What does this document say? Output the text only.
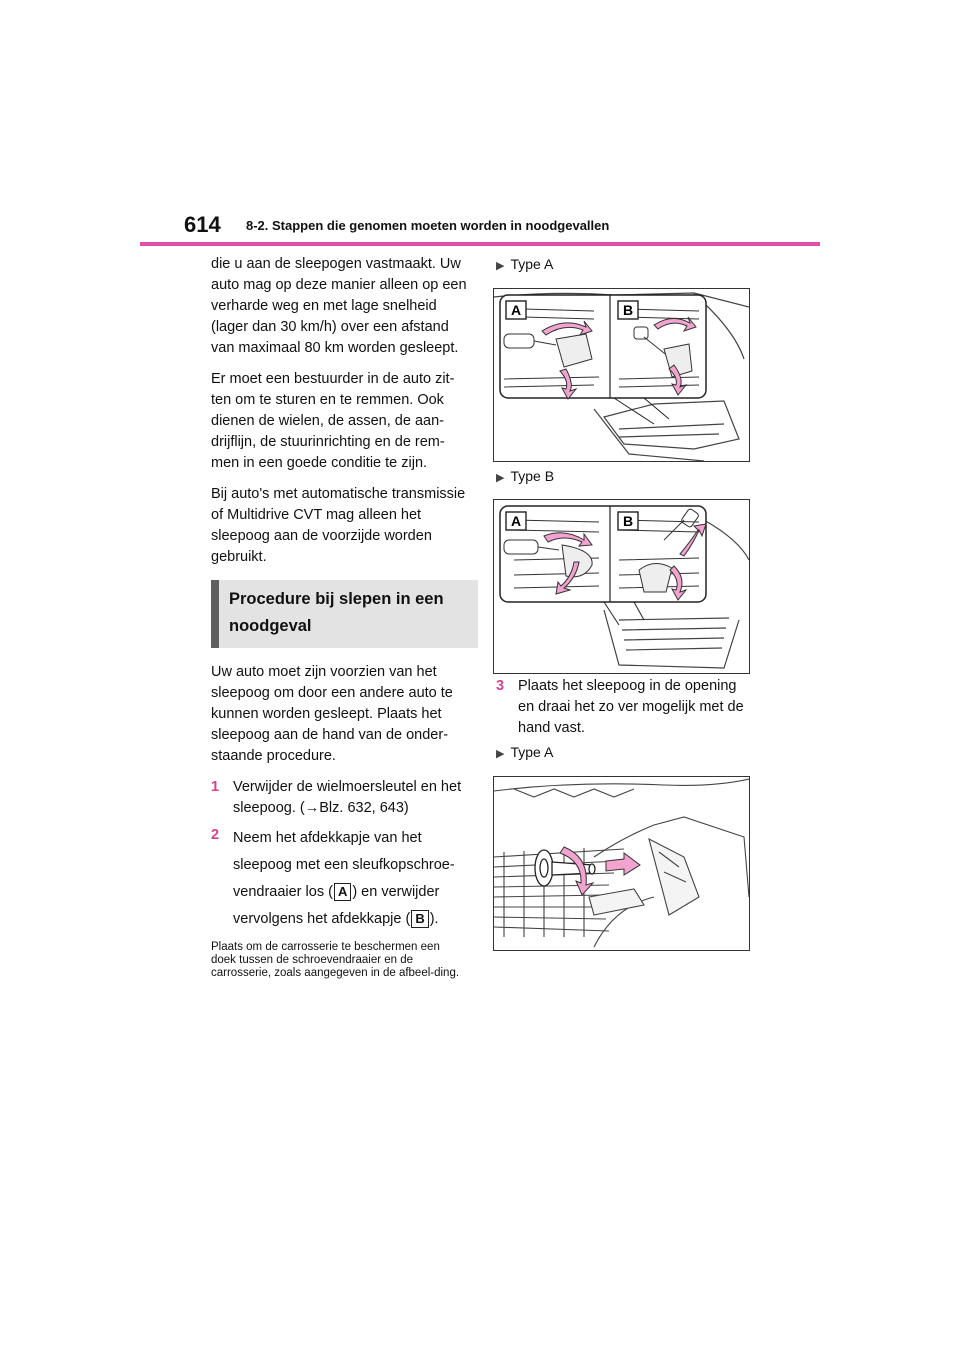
614 8-2. Stappen die genomen moeten worden in noodgevallen

die u aan de sleepogen vastmaakt. Uw auto mag op deze manier alleen op een verharde weg en met lage snelheid (lager dan 30 km/h) over een afstand van maximaal 80 km worden gesleept.

Er moet een bestuurder in de auto zit-ten om te sturen en te remmen. Ook dienen de wielen, de assen, de aan-drijflijn, de stuurinrichting en de rem-men in een goede conditie te zijn.

Bij auto's met automatische transmissie of Multidrive CVT mag alleen het sleepoog aan de voorzijde worden gebruikt.

Procedure bij slepen in een noodgeval

Uw auto moet zijn voorzien van het sleepoog om door een andere auto te kunnen worden gesleept. Plaats het sleepoog aan de hand van de onder-staande procedure.

1 Verwijder de wielmoersleutel en het sleepoog. (→Blz. 632, 643)
2 Neem het afdekkapje van het sleepoog met een sleufkopschroe-vendraaier los ( A ) en verwijder vervolgens het afdekkapje ( B ).
Plaats om de carrosserie te beschermen een doek tussen de schroevendraaier en de carrosserie, zoals aangegeven in de afbeel-ding.
▶ Type A
A	B
▶ Type B
A	B
3 Plaats het sleepoog in de opening en draai het zo ver mogelijk met de hand vast.
▶ Type A
